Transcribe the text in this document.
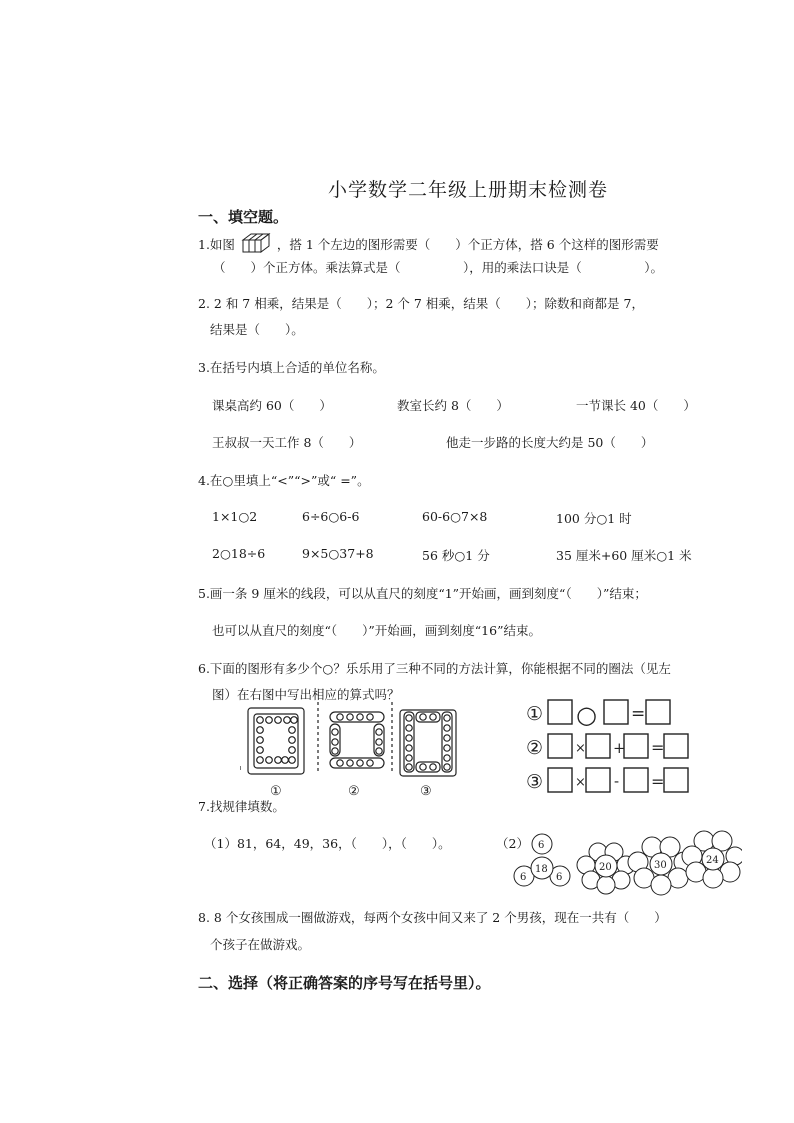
小学数学二年级上册期末检测卷
一、填空题。
1.如图	，搭 1 个左边的图形需要（　　）个正方体，搭 6 个这样的图形需要
（　　）个正方体。乘法算式是（　　　　　），用的乘法口诀是（　　　　　）。
2. 2 和 7 相乘，结果是（　　）；2 个 7 相乘，结果（　　）；除数和商都是 7，
结果是（　　）。
3.在括号内填上合适的单位名称。
课桌高约 60（　　）	教室长约 8（　　）	一节课长 40（　　）
王叔叔一天工作 8（　　）	他走一步路的长度大约是 50（　　）
4.在○里填上“<”“>”或“ =”。
1×1○2	6÷6○6-6	60-6○7×8	100 分○1 时
2○18÷6	9×5○37+8	56 秒○1 分	35 厘米+60 厘米○1 米
5.画一条 9 厘米的线段，可以从直尺的刻度“1”开始画，画到刻度“（　　）”结束；
也可以从直尺的刻度“（　　）”开始画，画到刻度“16”结束。
6.下面的图形有多少个○？乐乐用了三种不同的方法计算，你能根据不同的圈法（见左
图）在右图中写出相应的算式吗？
①	②	③
①
②
③
○ =
× + =
× - =
7.找规律填数。
（1）81，64，49，36，（　　），（　　）。	（2） 6
6	6
18	20	30	24
8. 8 个女孩围成一圈做游戏，每两个女孩中间又来了 2 个男孩，现在一共有（　　）
个孩子在做游戏。
二、选择（将正确答案的序号写在括号里）。
